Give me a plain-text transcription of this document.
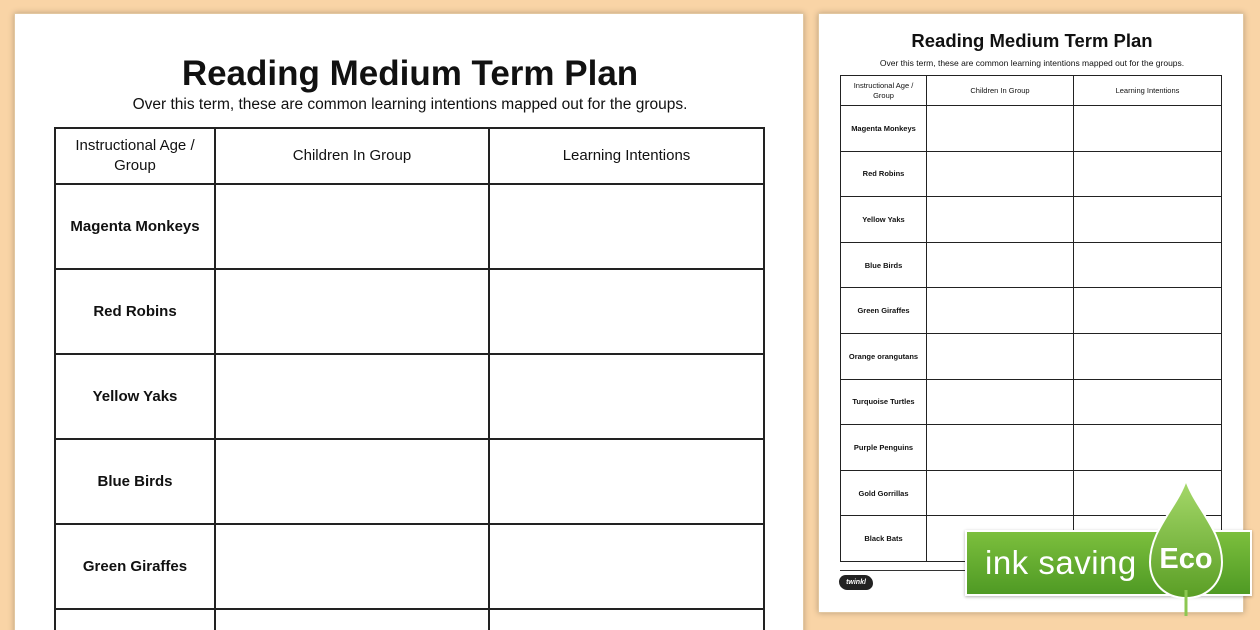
Reading Medium Term Plan
Over this term, these are common learning intentions mapped out for the groups.
Instructional Age / Group	Children In Group	Learning Intentions
Magenta Monkeys		
Red Robins		
Yellow Yaks		
Blue Birds		
Green Giraffes		

Reading Medium Term Plan
Over this term, these are common learning intentions mapped out for the groups.
Instructional Age / Group	Children In Group	Learning Intentions
Magenta Monkeys		
Red Robins		
Yellow Yaks		
Blue Birds		
Green Giraffes		
Orange orangutans		
Turquoise Turtles		
Purple Penguins		
Gold Gorrillas		
Black Bats		
twinkl
ink saving Eco
